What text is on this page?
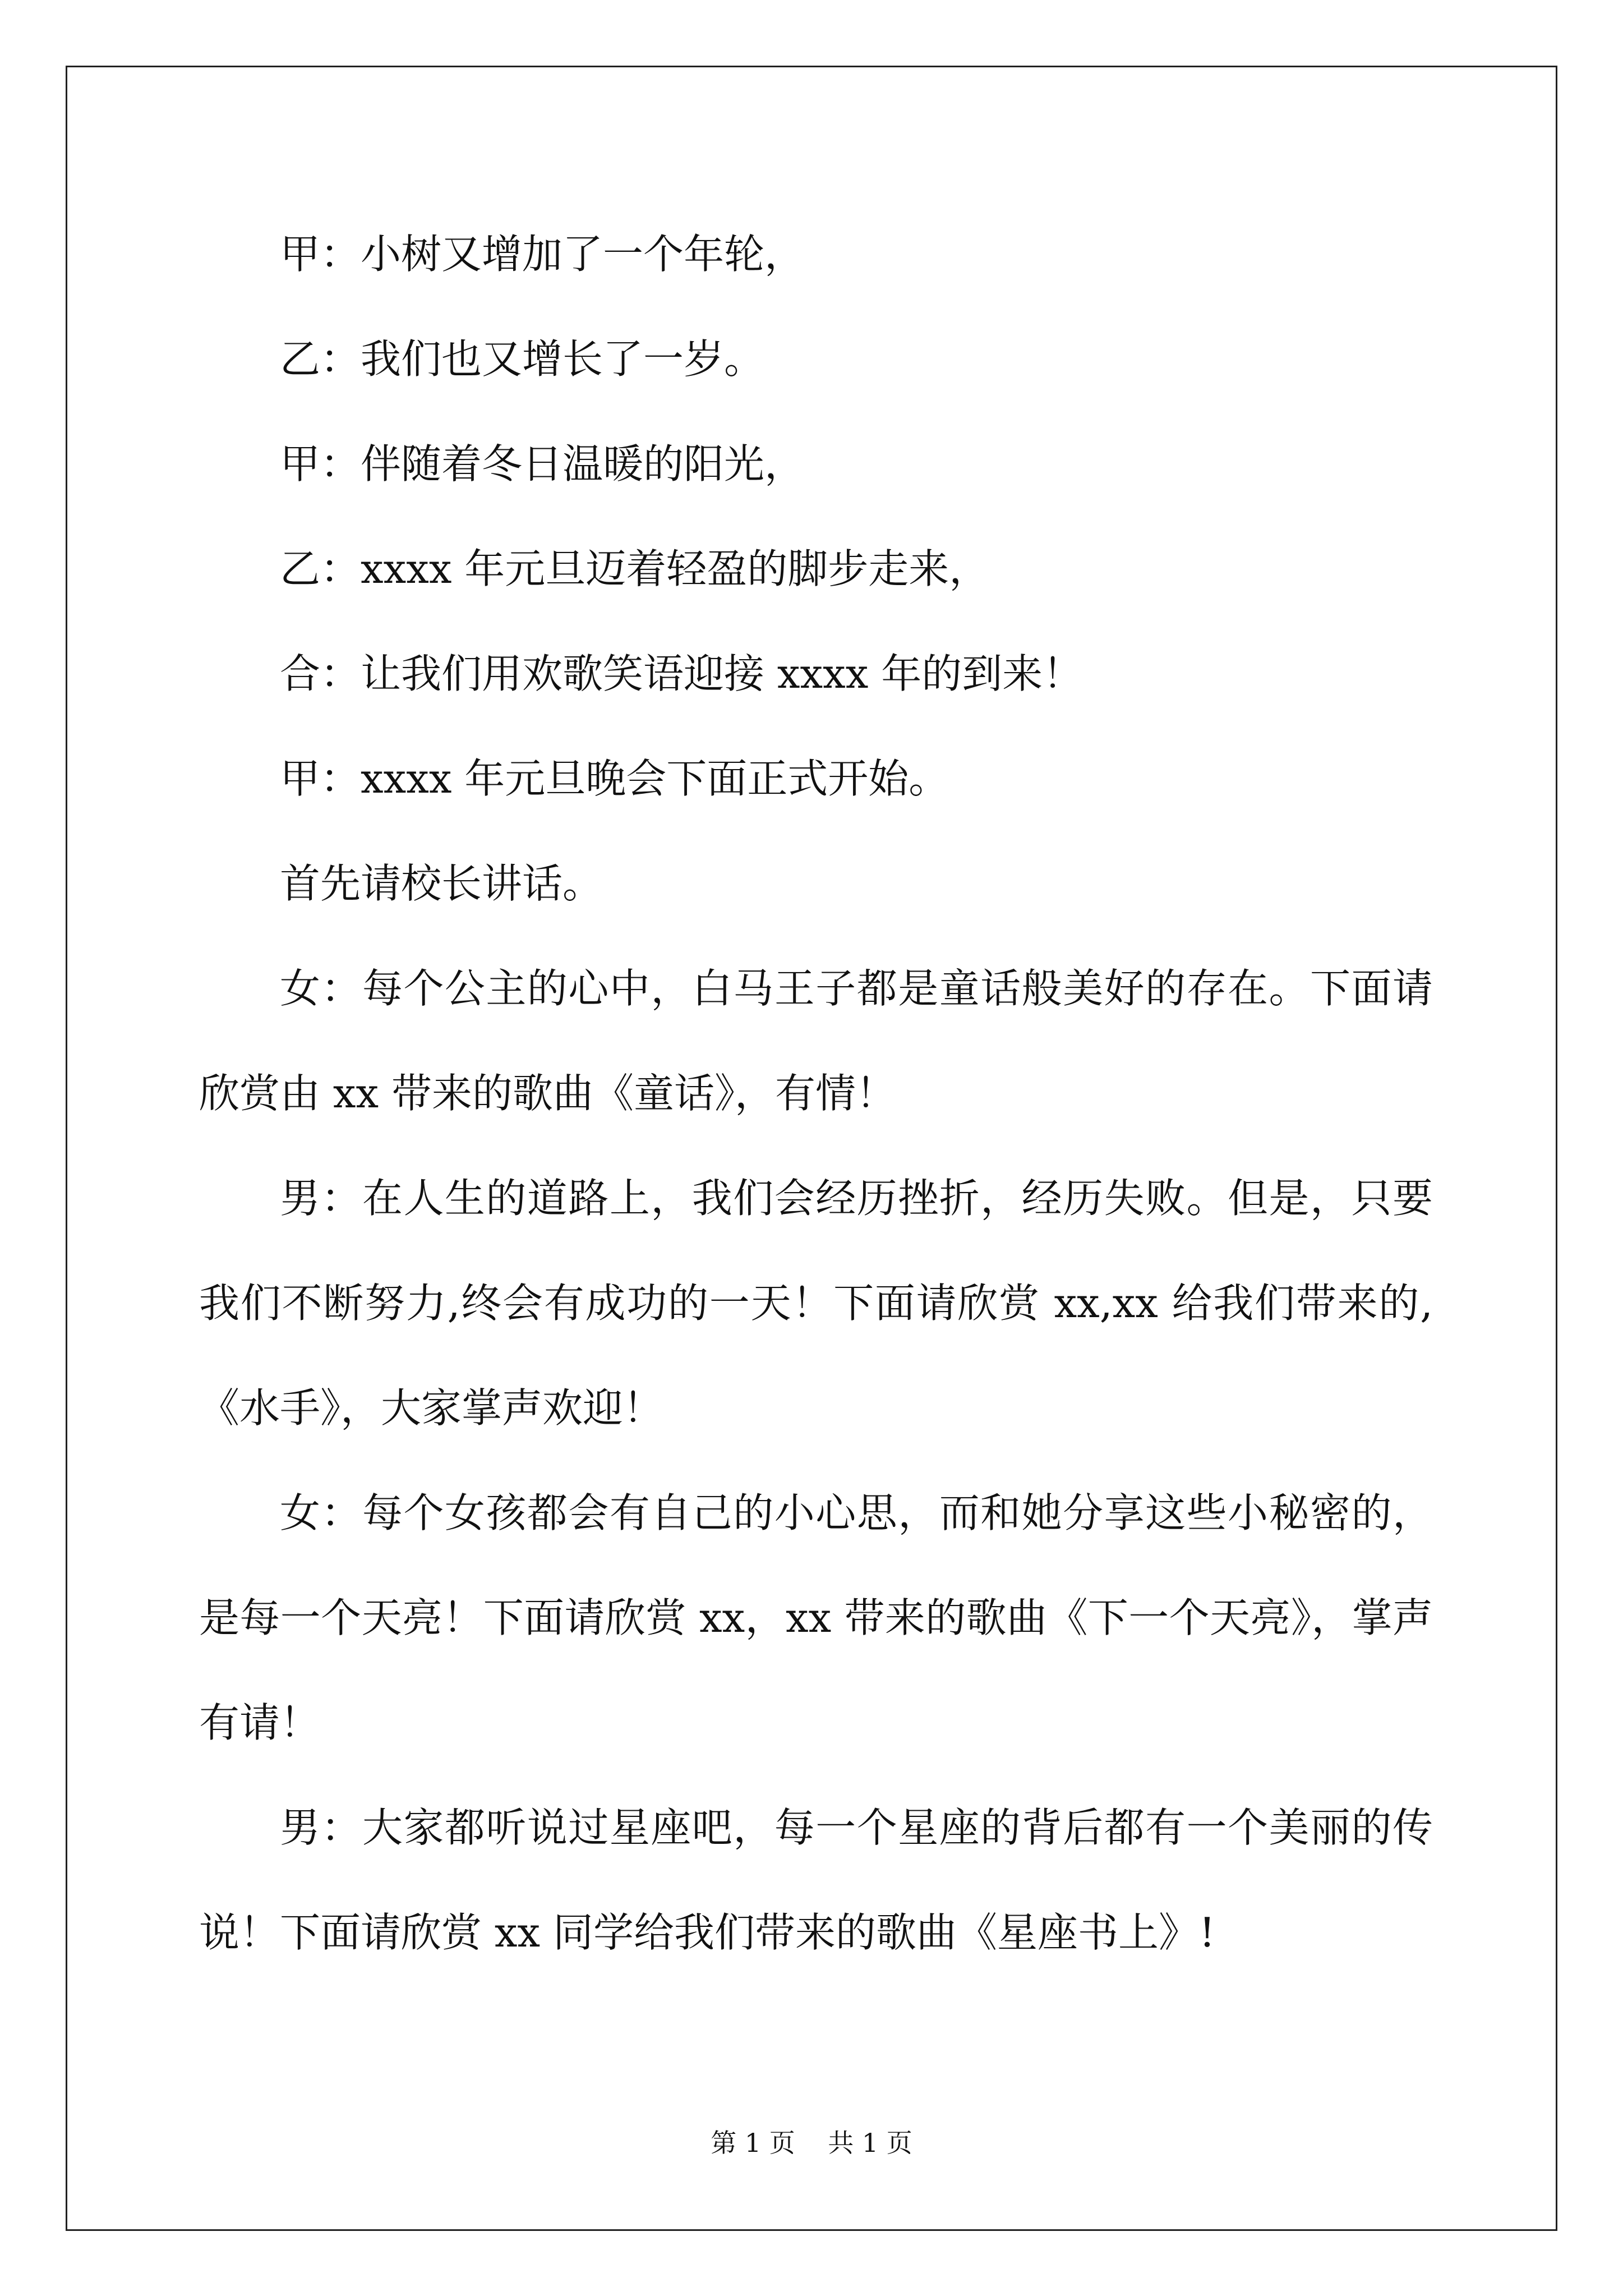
甲：小树又增加了一个年轮，

乙：我们也又增长了一岁。

甲：伴随着冬日温暖的阳光，

乙：xxxx 年元旦迈着轻盈的脚步走来，

合：让我们用欢歌笑语迎接 xxxx 年的到来！

甲：xxxx 年元旦晚会下面正式开始。

首先请校长讲话。

女：每个公主的心中，白马王子都是童话般美好的存在。下面请欣赏由 xx 带来的歌曲《童话》，有情！

男：在人生的道路上，我们会经历挫折，经历失败。但是，只要我们不断努力,终会有成功的一天！下面请欣赏 xx,xx 给我们带来的,《水手》，大家掌声欢迎！

女：每个女孩都会有自己的小心思，而和她分享这些小秘密的，是每一个天亮！下面请欣赏 xx，xx 带来的歌曲《下一个天亮》，掌声有请！

男：大家都听说过星座吧，每一个星座的背后都有一个美丽的传说！下面请欣赏 xx 同学给我们带来的歌曲《星座书上》!

第 1 页 共 1 页
